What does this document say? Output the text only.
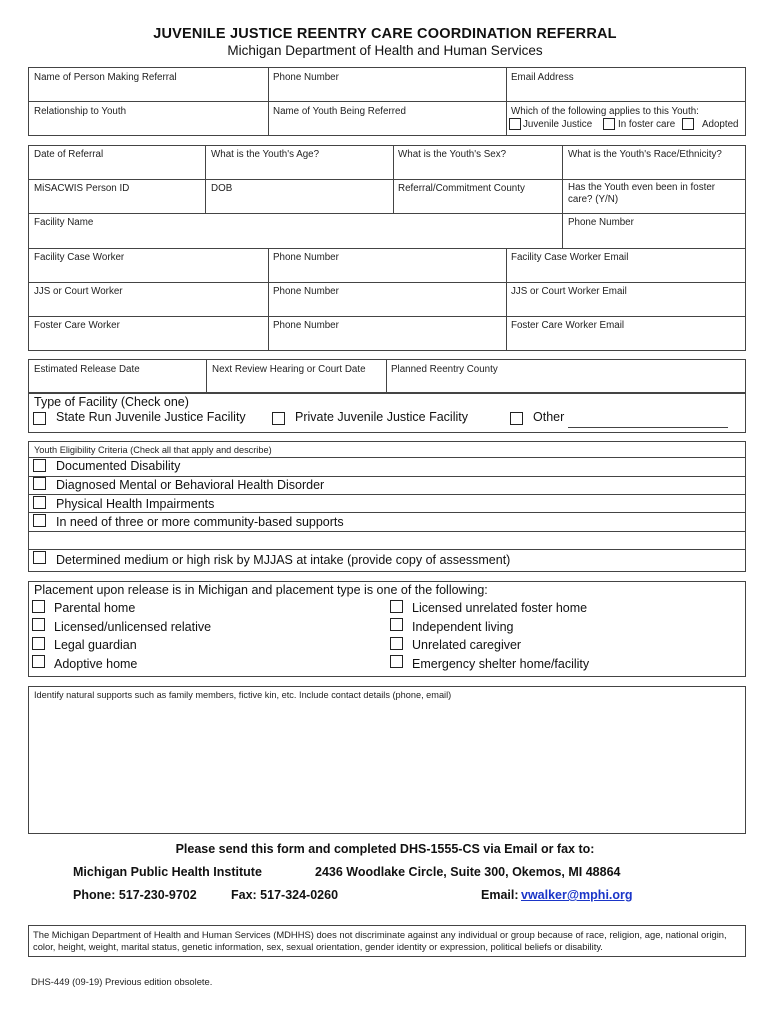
JUVENILE JUSTICE REENTRY CARE COORDINATION REFERRAL
Michigan Department of Health and Human Services
Name of Person Making Referral	Phone Number	Email Address
Relationship to Youth	Name of Youth Being Referred	Which of the following applies to this Youth:
Juvenile Justice	In foster care	Adopted
Date of Referral	What is the Youth's Age?	What is the Youth's Sex?	What is the Youth's Race/Ethnicity?
MiSACWIS Person ID	DOB	Referral/Commitment County	Has the Youth even been in foster care? (Y/N)
Facility Name	Phone Number
Facility Case Worker	Phone Number	Facility Case Worker Email
JJS or Court Worker	Phone Number	JJS or Court Worker Email
Foster Care Worker	Phone Number	Foster Care Worker Email
Estimated Release Date	Next Review Hearing or Court Date	Planned Reentry County
Type of Facility (Check one)
State Run Juvenile Justice Facility	Private Juvenile Justice Facility	Other
Youth Eligibility Criteria (Check all that apply and describe)
Documented Disability
Diagnosed Mental or Behavioral Health Disorder
Physical Health Impairments
In need of three or more community-based supports
Determined medium or high risk by MJJAS at intake (provide copy of assessment)
Placement upon release is in Michigan and placement type is one of the following:
Parental home
Licensed/unlicensed relative
Legal guardian
Adoptive home
Licensed unrelated foster home
Independent living
Unrelated caregiver
Emergency shelter home/facility
Identify natural supports such as family members, fictive kin, etc. Include contact details (phone, email)
Please send this form and completed DHS-1555-CS via Email or fax to:
Michigan Public Health Institute	2436 Woodlake Circle, Suite 300, Okemos, MI 48864
Phone: 517-230-9702	Fax: 517-324-0260	Email: vwalker@mphi.org
The Michigan Department of Health and Human Services (MDHHS) does not discriminate against any individual or group because of race, religion, age, national origin, color, height, weight, marital status, genetic information, sex, sexual orientation, gender identity or expression, political beliefs or disability.
DHS-449 (09-19) Previous edition obsolete.
